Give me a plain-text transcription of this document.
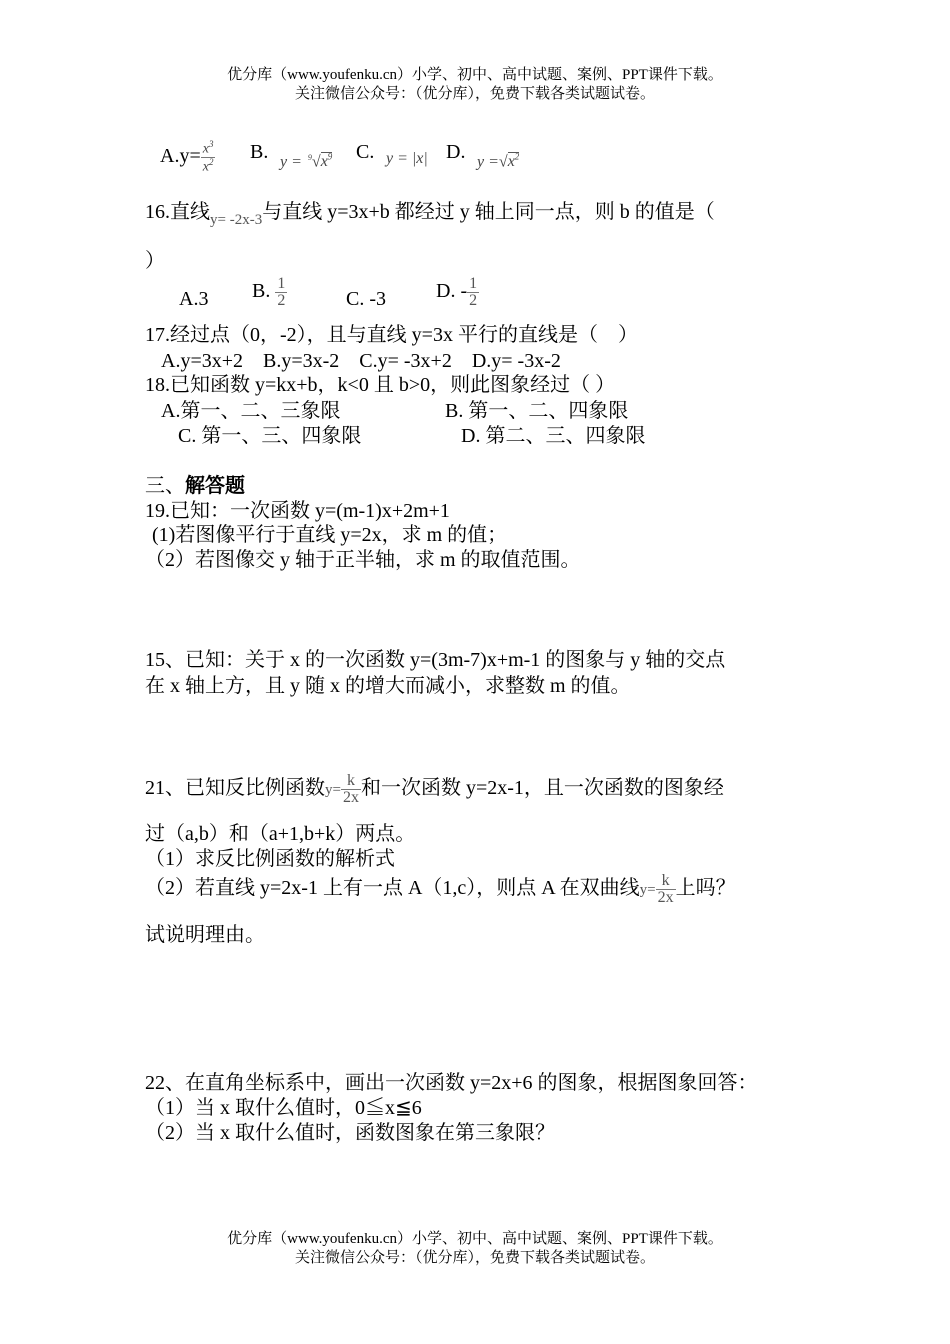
优分库（www.youfenku.cn）小学、初中、高中试题、案例、PPT课件下载。
关注微信公众号：（优分库），免费下载各类试题试卷。
$A.y= \frac{x^3}{x^2} B$. $y = ^9√x^9$ C. y = |x| D. $y =√x^2$
16.直线$_{y= -2x-3}$与直线 y=3x+b 都经过 y 轴上同一点，则 b 的值是（
）
A.3 B. $\frac{1}{2}$	C. -3	D. - $\frac{1}{2}$
17.经过点（0，-2），且与直线 y=3x 平行的直线是（　）
A.y=3x+2　B.y=3x-2　C.y= -3x+2　D.y= -3x-2
18.已知函数 y=kx+b，k<0 且 b>0，则此图象经过（ ）
A.第一、二、三象限	B. 第一、二、四象限
C. 第一、三、四象限	D. 第二、三、四象限
三、解答题
19.已知：一次函数 y=(m-1)x+2m+1
(1)若图像平行于直线 y=2x，求 m 的值；
（2）若图像交 y 轴于正半轴，求 m 的取值范围。
15、已知：关于 x 的一次函数 y=(3m-7)x+m-1 的图象与 y 轴的交点
在 x 轴上方，且 y 随 x 的增大而减小，求整数 m 的值。
21、已知反比例函数$y= \frac{k}{2x}$ 和一次函数 y=2x-1，且一次函数的图象经
过（a,b）和（a+1,b+k）两点。
（1）求反比例函数的解析式
（2）若直线 y=2x-1 上有一点 A（1,c），则点 A 在双曲线$y= \frac{k}{2x}$ 上吗？
试说明理由。
22、在直角坐标系中，画出一次函数 y=2x+6 的图象，根据图象回答：
（1）当 x 取什么值时，0≦x≦6
（2）当 x 取什么值时，函数图象在第三象限？
优分库（www.youfenku.cn）小学、初中、高中试题、案例、PPT课件下载。
关注微信公众号：（优分库），免费下载各类试题试卷。
